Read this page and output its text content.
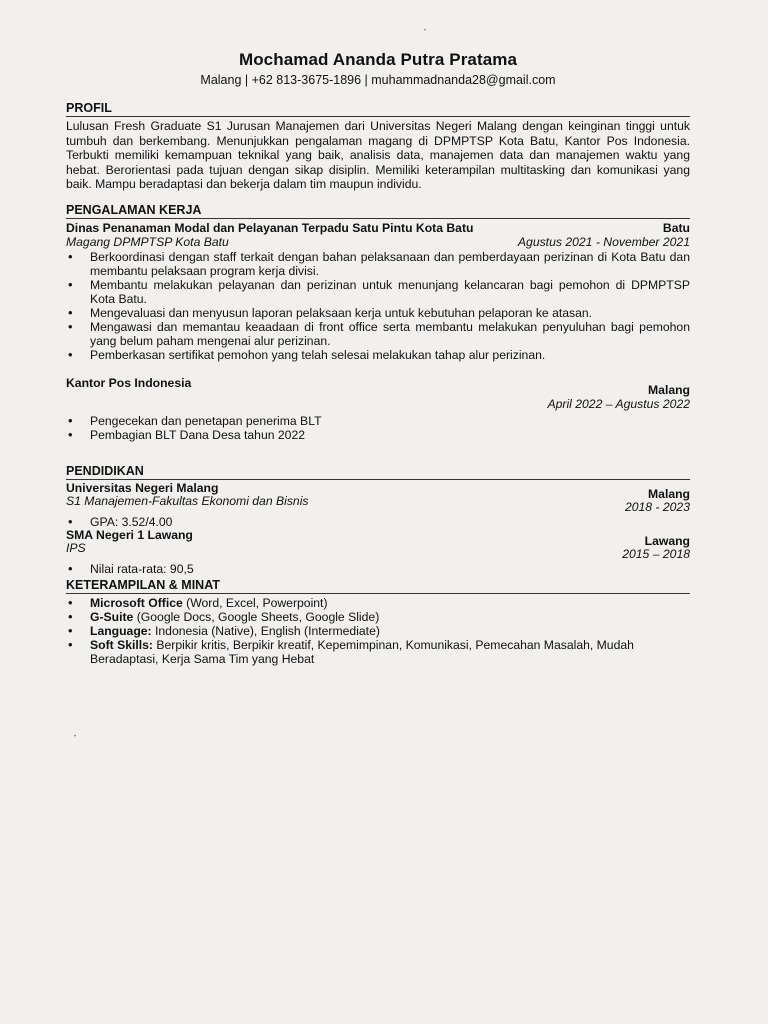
Mochamad Ananda Putra Pratama
Malang | +62 813-3675-1896 | muhammadnanda28@gmail.com
PROFIL

Lulusan Fresh Graduate S1 Jurusan Manajemen dari Universitas Negeri Malang dengan keinginan tinggi untuk tumbuh dan berkembang. Menunjukkan pengalaman magang di DPMPTSP Kota Batu, Kantor Pos Indonesia. Terbukti memiliki kemampuan teknikal yang baik, analisis data, manajemen data dan manajemen waktu yang hebat. Berorientasi pada tujuan dengan sikap disiplin. Memiliki keterampilan multitasking dan komunikasi yang baik. Mampu beradaptasi dan bekerja dalam tim maupun individu.

PENGALAMAN KERJA
Dinas Penanaman Modal dan Pelayanan Terpadu Satu Pintu Kota Batu	Batu
Magang DPMPTSP Kota Batu	Agustus 2021 - November 2021
• Berkoordinasi dengan staff terkait dengan bahan pelaksanaan dan pemberdayaan perizinan di Kota Batu dan membantu pelaksaan program kerja divisi.
• Membantu melakukan pelayanan dan perizinan untuk menunjang kelancaran bagi pemohon di DPMPTSP Kota Batu.
• Mengevaluasi dan menyusun laporan pelaksaan kerja untuk kebutuhan pelaporan ke atasan.
• Mengawasi dan memantau keaadaan di front office serta membantu melakukan penyuluhan bagi pemohon yang belum paham mengenai alur perizinan.
• Pemberkasan sertifikat pemohon yang telah selesai melakukan tahap alur perizinan.
Kantor Pos Indonesia	Malang
April 2022 – Agustus 2022
• Pengecekan dan penetapan penerima BLT
• Pembagian BLT Dana Desa tahun 2022
PENDIDIKAN
Universitas Negeri Malang
S1 Manajemen-Fakultas Ekonomi dan Bisnis
Malang
2018 - 2023
• GPA: 3.52/4.00
SMA Negeri 1 Lawang
IPS
Lawang
2015 – 2018
• Nilai rata-rata: 90,5
KETERAMPILAN & MINAT
• Microsoft Office (Word, Excel, Powerpoint)
• G-Suite (Google Docs, Google Sheets, Google Slide)
• Language: Indonesia (Native), English (Intermediate)
• Soft Skills: Berpikir kritis, Berpikir kreatif, Kepemimpinan, Komunikasi, Pemecahan Masalah, Mudah Beradaptasi, Kerja Sama Tim yang Hebat
•
•
